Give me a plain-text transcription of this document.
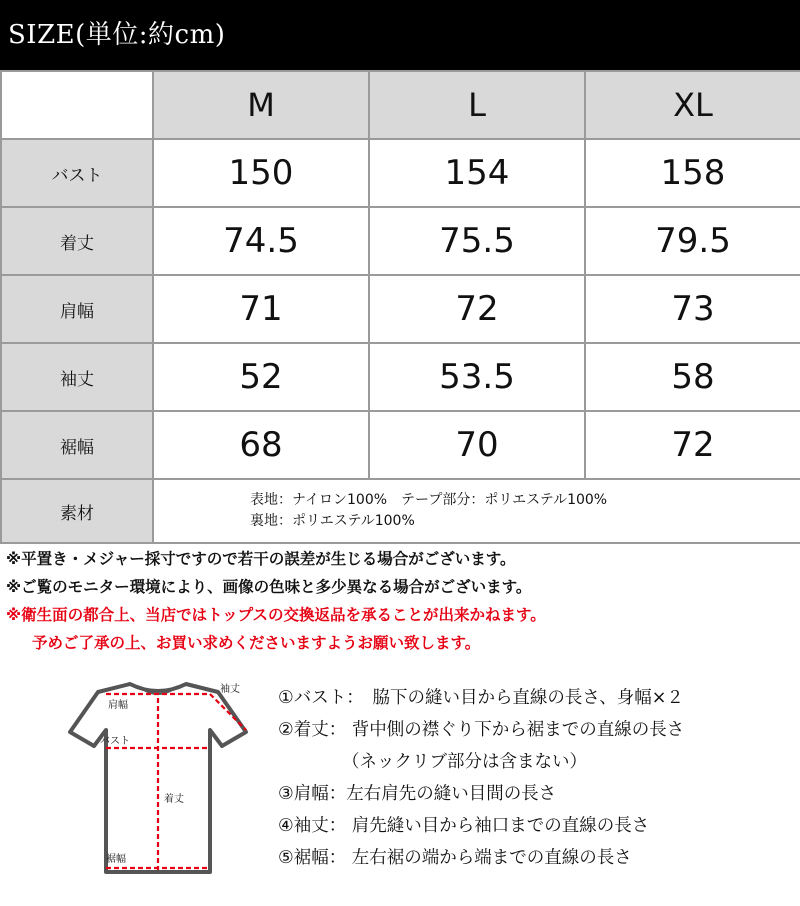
SIZE(単位:約cm)
	M	L	XL
バスト	150	154	158
着丈	74.5	75.5	79.5
肩幅	71	72	73
袖丈	52	53.5	58
裾幅	68	70	72
素材	表地：ナイロン100%　テープ部分：ポリエステル100%
裏地：ポリエステル100%		
※平置き・メジャー採寸ですので若干の誤差が生じる場合がございます。
※ご覧のモニター環境により、画像の色味と多少異なる場合がございます。
※衛生面の都合上、当店ではトップスの交換返品を承ることが出来かねます。
予めご了承の上、お買い求めくださいますようお願い致します。
肩幅
袖丈
バスト
着丈
裾幅
①バスト：　脇下の縫い目から直線の長さ、身幅×２
②着丈： 背中側の襟ぐり下から裾までの直線の長さ
（ネックリブ部分は含まない）
③肩幅：左右肩先の縫い目間の長さ
④袖丈： 肩先縫い目から袖口までの直線の長さ
⑤裾幅： 左右裾の端から端までの直線の長さ
